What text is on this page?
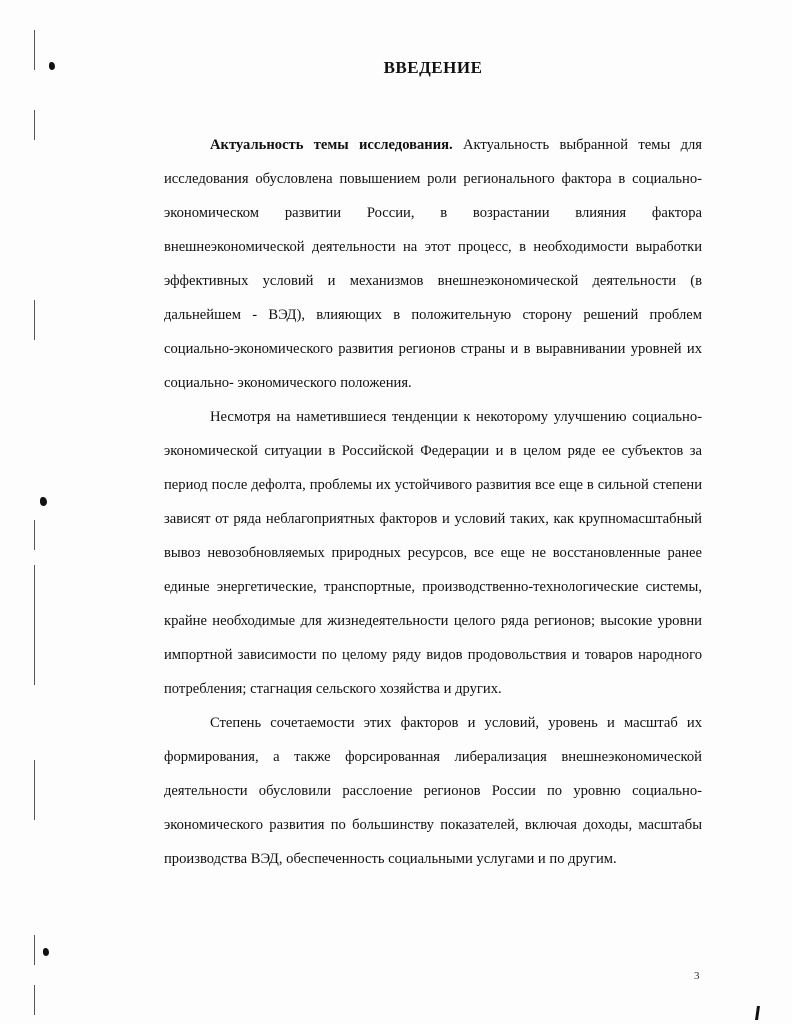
ВВЕДЕНИЕ

Актуальность темы исследования. Актуальность выбранной темы для исследования обусловлена повышением роли регионального фактора в социально-экономическом развитии России, в возрастании влияния фактора внешнеэкономической деятельности на этот процесс, в необходимости выработки эффективных условий и механизмов внешнеэкономической деятельности (в дальнейшем - ВЭД), влияющих в положительную сторону решений проблем социально-экономического развития регионов страны и в выравнивании уровней их социально- экономического положения.

Несмотря на наметившиеся тенденции к некоторому улучшению социально-экономической ситуации в Российской Федерации и в целом ряде ее субъектов за период после дефолта, проблемы их устойчивого развития все еще в сильной степени зависят от ряда неблагоприятных факторов и условий таких, как крупномасштабный вывоз невозобновляемых природных ресурсов, все еще не восстановленные ранее единые энергетические, транспортные, производственно-технологические системы, крайне необходимые для жизнедеятельности целого ряда регионов; высокие уровни импортной зависимости по целому ряду видов продовольствия и товаров народного потребления; стагнация сельского хозяйства и других.

Степень сочетаемости этих факторов и условий, уровень и масштаб их формирования, а также форсированная либерализация внешнеэкономической деятельности обусловили расслоение регионов России по уровню социально-экономического развития по большинству показателей, включая доходы, масштабы производства ВЭД, обеспеченность социальными услугами и по другим.

3
